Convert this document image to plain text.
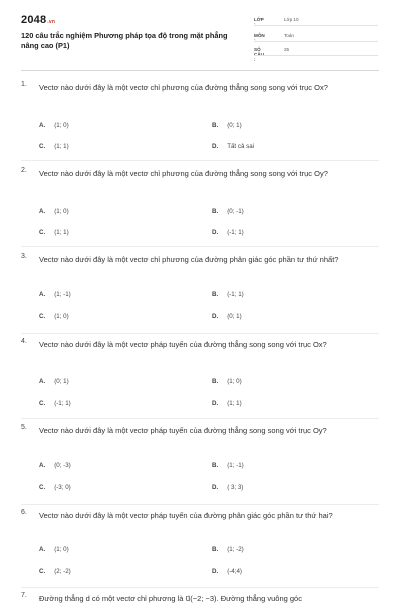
2048.vn
120 câu trắc nghiệm Phương pháp tọa độ trong mặt phẳng nâng cao (P1)
LỚP	Lớp 10
MÔN	Toán
SỐ :
25
1. Vectơ nào dưới đây là một vectơ chỉ phương của đường thẳng song song với trục Ox?
A. (1; 0)	B. (0; 1)
C. (1; 1)	D. Tất cả sai
2. Vectơ nào dưới đây là một vectơ chỉ phương của đường thẳng song song với trục Oy?
A. (1; 0)	B. (0; -1)
C. (1; 1)	D. (-1; 1)
3. Vectơ nào dưới đây là một vectơ chỉ phương của đường phân giác góc phần tư thứ nhất?
A. (1; -1)	B. (-1; 1)
C. (1; 0)	D. (0; 1)
4. Vectơ nào dưới đây là một vectơ pháp tuyến của đường thẳng song song với trục Ox?
A. (0; 1)	B. (1; 0)
C. (-1; 1)	D. (1; 1)
5. Vectơ nào dưới đây là một vectơ pháp tuyến của đường thẳng song song với trục Oy?
A. (0; -3)	B. (1; -1)
C. (-3; 0)	D. ( 3; 3)
6. Vectơ nào dưới đây là một vectơ pháp tuyến của đường phân giác góc phần tư thứ hai?
A. (1; 0)	B. (1; -2)
C. (2; -2)	D. (-4;4)
7. Đường thẳng d có một vectơ chỉ phương là u⃗(−2; −3). Đường thẳng vuông góc
